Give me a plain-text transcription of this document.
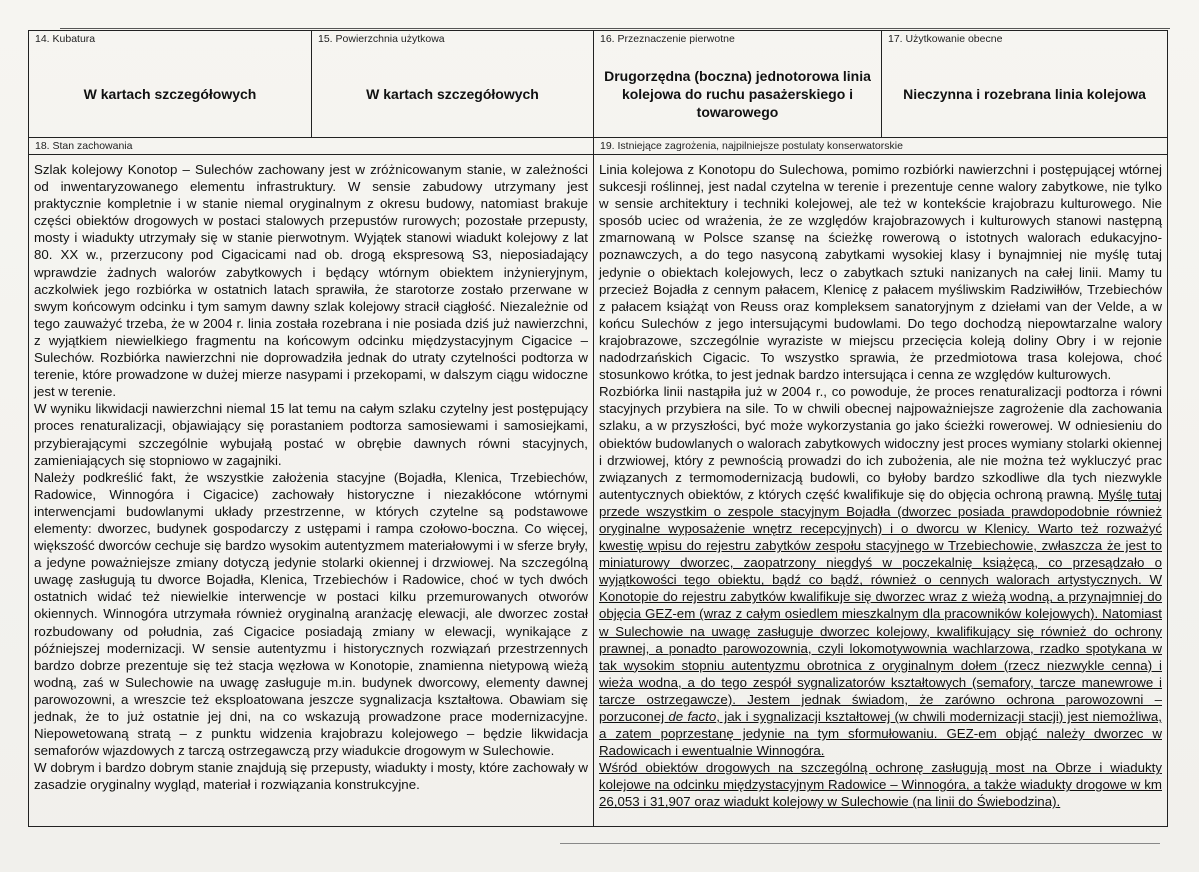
14. Kubatura
W kartach szczegółowych
15. Powierzchnia użytkowa
W kartach szczegółowych
16. Przeznaczenie pierwotne
Drugorzędna (boczna) jednotorowa linia kolejowa do ruchu pasażerskiego i towarowego
17. Użytkowanie obecne
Nieczynna i rozebrana linia kolejowa
18. Stan zachowania

Szlak kolejowy Konotop – Sulechów zachowany jest w zróżnicowanym stanie, w zależności od inwentaryzowanego elementu infrastruktury. W sensie zabudowy utrzymany jest praktycznie kompletnie i w stanie niemal oryginalnym z okresu budowy, natomiast brakuje części obiektów drogowych w postaci stalowych przepustów rurowych; pozostałe przepusty, mosty i wiadukty utrzymały się w stanie pierwotnym. Wyjątek stanowi wiadukt kolejowy z lat 80. XX w., przerzucony pod Cigacicami nad ob. drogą ekspresową S3, nieposiadający wprawdzie żadnych walorów zabytkowych i będący wtórnym obiektem inżynieryjnym, aczkolwiek jego rozbiórka w ostatnich latach sprawiła, że starotorze zostało przerwane w swym końcowym odcinku i tym samym dawny szlak kolejowy stracił ciągłość. Niezależnie od tego zauważyć trzeba, że w 2004 r. linia została rozebrana i nie posiada dziś już nawierzchni, z wyjątkiem niewielkiego fragmentu na końcowym odcinku międzystacyjnym Cigacice – Sulechów. Rozbiórka nawierzchni nie doprowadziła jednak do utraty czytelności podtorza w terenie, które prowadzone w dużej mierze nasypami i przekopami, w dalszym ciągu widoczne jest w terenie.

W wyniku likwidacji nawierzchni niemal 15 lat temu na całym szlaku czytelny jest postępujący proces renaturalizacji, objawiający się porastaniem podtorza samosiewami i samosiejkami, przybierającymi szczególnie wybujałą postać w obrębie dawnych równi stacyjnych, zamieniających się stopniowo w zagajniki.

Należy podkreślić fakt, że wszystkie założenia stacyjne (Bojadła, Klenica, Trzebiechów, Radowice, Winnogóra i Cigacice) zachowały historyczne i niezakłócone wtórnymi interwencjami budowlanymi układy przestrzenne, w których czytelne są podstawowe elementy: dworzec, budynek gospodarczy z ustępami i rampa czołowo-boczna. Co więcej, większość dworców cechuje się bardzo wysokim autentyzmem materiałowymi i w sferze bryły, a jedyne poważniejsze zmiany dotyczą jedynie stolarki okiennej i drzwiowej. Na szczególną uwagę zasługują tu dworce Bojadła, Klenica, Trzebiechów i Radowice, choć w tych dwóch ostatnich widać też niewielkie interwencje w postaci kilku przemurowanych otworów okiennych. Winnogóra utrzymała również oryginalną aranżację elewacji, ale dworzec został rozbudowany od południa, zaś Cigacice posiadają zmiany w elewacji, wynikające z późniejszej modernizacji. W sensie autentyzmu i historycznych rozwiązań przestrzennych bardzo dobrze prezentuje się też stacja węzłowa w Konotopie, znamienna nietypową wieżą wodną, zaś w Sulechowie na uwagę zasługuje m.in. budynek dworcowy, elementy dawnej parowozowni, a wreszcie też eksploatowana jeszcze sygnalizacja kształtowa. Obawiam się jednak, że to już ostatnie jej dni, na co wskazują prowadzone prace modernizacyjne. Niepowetowaną stratą – z punktu widzenia krajobrazu kolejowego – będzie likwidacja semaforów wjazdowych z tarczą ostrzegawczą przy wiadukcie drogowym w Sulechowie.

W dobrym i bardzo dobrym stanie znajdują się przepusty, wiadukty i mosty, które zachowały w zasadzie oryginalny wygląd, materiał i rozwiązania konstrukcyjne.

19. Istniejące zagrożenia, najpilniejsze postulaty konserwatorskie

Linia kolejowa z Konotopu do Sulechowa, pomimo rozbiórki nawierzchni i postępującej wtórnej sukcesji roślinnej, jest nadal czytelna w terenie i prezentuje cenne walory zabytkowe, nie tylko w sensie architektury i techniki kolejowej, ale też w kontekście krajobrazu kulturowego. Nie sposób uciec od wrażenia, że ze względów krajobrazowych i kulturowych stanowi następną zmarnowaną w Polsce szansę na ścieżkę rowerową o istotnych walorach edukacyjno-poznawczych, a do tego nasyconą zabytkami wysokiej klasy i bynajmniej nie myślę tutaj jedynie o obiektach kolejowych, lecz o zabytkach sztuki nanizanych na całej linii. Mamy tu przecież Bojadła z cennym pałacem, Klenicę z pałacem myśliwskim Radziwiłłów, Trzebiechów z pałacem książąt von Reuss oraz kompleksem sanatoryjnym z dziełami van der Velde, a w końcu Sulechów z jego intersującymi budowlami. Do tego dochodzą niepowtarzalne walory krajobrazowe, szczególnie wyraziste w miejscu przecięcia koleją doliny Obry i w rejonie nadodrzańskich Cigacic. To wszystko sprawia, że przedmiotowa trasa kolejowa, choć stosunkowo krótka, to jest jednak bardzo intersująca i cenna ze względów kulturowych.

Rozbiórka linii nastąpiła już w 2004 r., co powoduje, że proces renaturalizacji podtorza i równi stacyjnych przybiera na sile. To w chwili obecnej najpoważniejsze zagrożenie dla zachowania szlaku, a w przyszłości, być może wykorzystania go jako ścieżki rowerowej. W odniesieniu do obiektów budowlanych o walorach zabytkowych widoczny jest proces wymiany stolarki okiennej i drzwiowej, który z pewnością prowadzi do ich zubożenia, ale nie można też wykluczyć prac związanych z termomodernizacją budowli, co byłoby bardzo szkodliwe dla tych niezwykle autentycznych obiektów, z których część kwalifikuje się do objęcia ochroną prawną. Myślę tutaj przede wszystkim o zespole stacyjnym Bojadła (dworzec posiada prawdopodobnie również oryginalne wyposażenie wnętrz recepcyjnych) i o dworcu w Klenicy. Warto też rozważyć kwestię wpisu do rejestru zabytków zespołu stacyjnego w Trzebiechowie, zwłaszcza że jest to miniaturowy dworzec, zaopatrzony niegdyś w poczekalnię książęcą, co przesądzało o wyjątkowości tego obiektu, bądź co bądź, również o cennych walorach artystycznych. W Konotopie do rejestru zabytków kwalifikuje się dworzec wraz z wieżą wodną, a przynajmniej do objęcia GEZ-em (wraz z całym osiedlem mieszkalnym dla pracowników kolejowych). Natomiast w Sulechowie na uwagę zasługuje dworzec kolejowy, kwalifikujący się również do ochrony prawnej, a ponadto parowozownia, czyli lokomotywownia wachlarzowa, rzadko spotykana w tak wysokim stopniu autentyzmu obrotnica z oryginalnym dołem (rzecz niezwykle cenna) i wieża wodna, a do tego zespół sygnalizatorów kształtowych (semafory, tarcze manewrowe i tarcze ostrzegawcze). Jestem jednak świadom, że zarówno ochrona parowozowni – porzuconej de facto, jak i sygnalizacji kształtowej (w chwili modernizacji stacji) jest niemożliwa, a zatem poprzestanę jedynie na tym sformułowaniu. GEZ-em objąć należy dworzec w Radowicach i ewentualnie Winnogóra.

Wśród obiektów drogowych na szczególną ochronę zasługują most na Obrze i wiadukty kolejowe na odcinku międzystacyjnym Radowice – Winnogóra, a także wiadukty drogowe w km 26,053 i 31,907 oraz wiadukt kolejowy w Sulechowie (na linii do Świebodzina).
